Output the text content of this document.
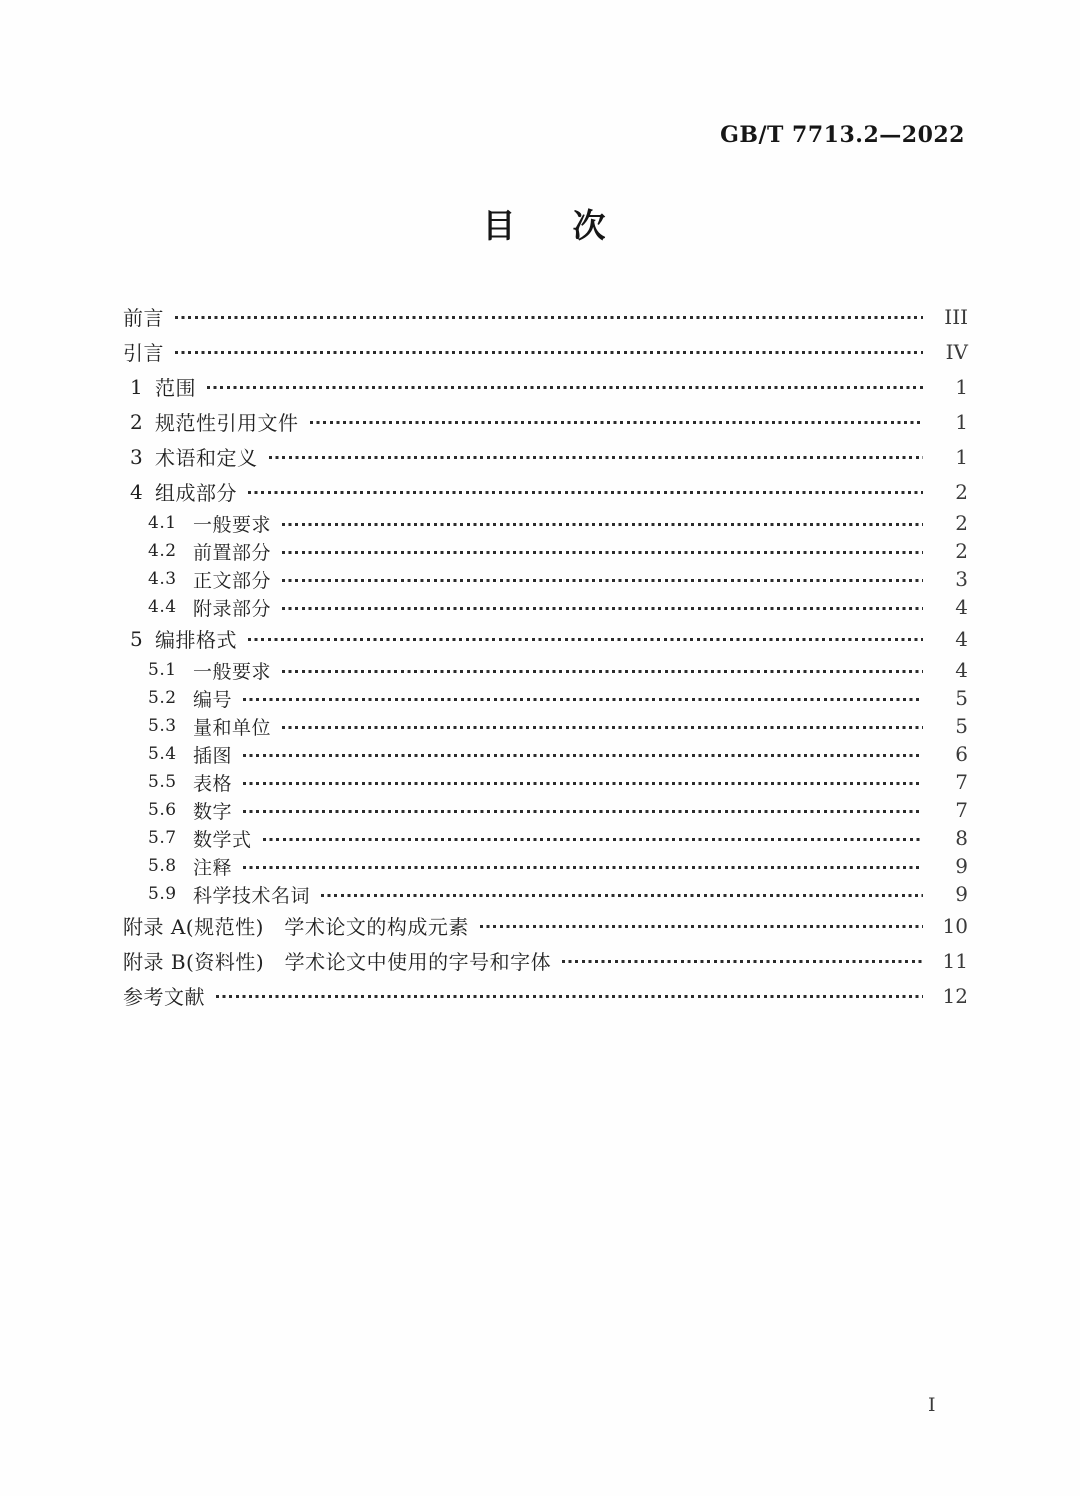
GB/T 7713.2—2022
目　次
前言	III
引言	IV
1 范围	1
2 规范性引用文件	1
3 术语和定义	1
4 组成部分	2
4.1 一般要求	2
4.2 前置部分	2
4.3 正文部分	3
4.4 附录部分	4
5 编排格式	4
5.1 一般要求	4
5.2 编号	5
5.3 量和单位	5
5.4 插图	6
5.5 表格	7
5.6 数字	7
5.7 数学式	8
5.8 注释	9
5.9 科学技术名词	9
附录 A(规范性)　学术论文的构成元素	10
附录 B(资料性)　学术论文中使用的字号和字体	11
参考文献	12
I
